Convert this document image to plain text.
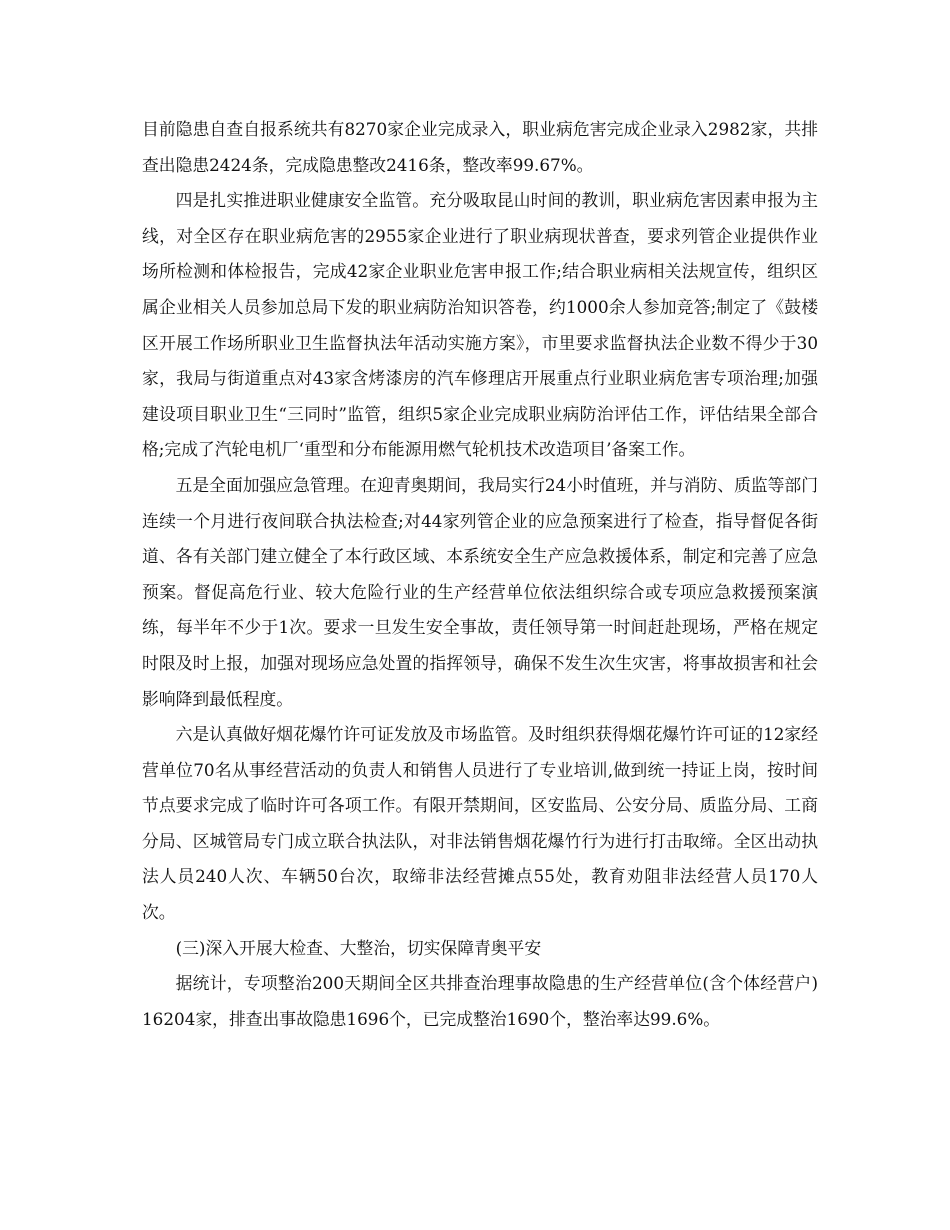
目前隐患自查自报系统共有8270家企业完成录入，职业病危害完成企业录入2982家，共排查出隐患2424条，完成隐患整改2416条，整改率99.67%。

四是扎实推进职业健康安全监管。充分吸取昆山时间的教训，职业病危害因素申报为主线，对全区存在职业病危害的2955家企业进行了职业病现状普查，要求列管企业提供作业场所检测和体检报告，完成42家企业职业危害申报工作;结合职业病相关法规宣传，组织区属企业相关人员参加总局下发的职业病防治知识答卷，约1000余人参加竞答;制定了《鼓楼区开展工作场所职业卫生监督执法年活动实施方案》，市里要求监督执法企业数不得少于30家，我局与街道重点对43家含烤漆房的汽车修理店开展重点行业职业病危害专项治理;加强建设项目职业卫生“三同时”监管，组织5家企业完成职业病防治评估工作，评估结果全部合格;完成了汽轮电机厂‘重型和分布能源用燃气轮机技术改造项目’备案工作。

五是全面加强应急管理。在迎青奥期间，我局实行24小时值班，并与消防、质监等部门连续一个月进行夜间联合执法检查;对44家列管企业的应急预案进行了检查，指导督促各街道、各有关部门建立健全了本行政区域、本系统安全生产应急救援体系，制定和完善了应急预案。督促高危行业、较大危险行业的生产经营单位依法组织综合或专项应急救援预案演练，每半年不少于1次。要求一旦发生安全事故，责任领导第一时间赶赴现场，严格在规定时限及时上报，加强对现场应急处置的指挥领导，确保不发生次生灾害，将事故损害和社会影响降到最低程度。

六是认真做好烟花爆竹许可证发放及市场监管。及时组织获得烟花爆竹许可证的12家经营单位70名从事经营活动的负责人和销售人员进行了专业培训,做到统一持证上岗，按时间节点要求完成了临时许可各项工作。有限开禁期间，区安监局、公安分局、质监分局、工商分局、区城管局专门成立联合执法队，对非法销售烟花爆竹行为进行打击取缔。全区出动执法人员240人次、车辆50台次，取缔非法经营摊点55处，教育劝阻非法经营人员170人次。

(三)深入开展大检查、大整治，切实保障青奥平安

据统计，专项整治200天期间全区共排查治理事故隐患的生产经营单位(含个体经营户)16204家，排查出事故隐患1696个，已完成整治1690个，整治率达99.6%。
